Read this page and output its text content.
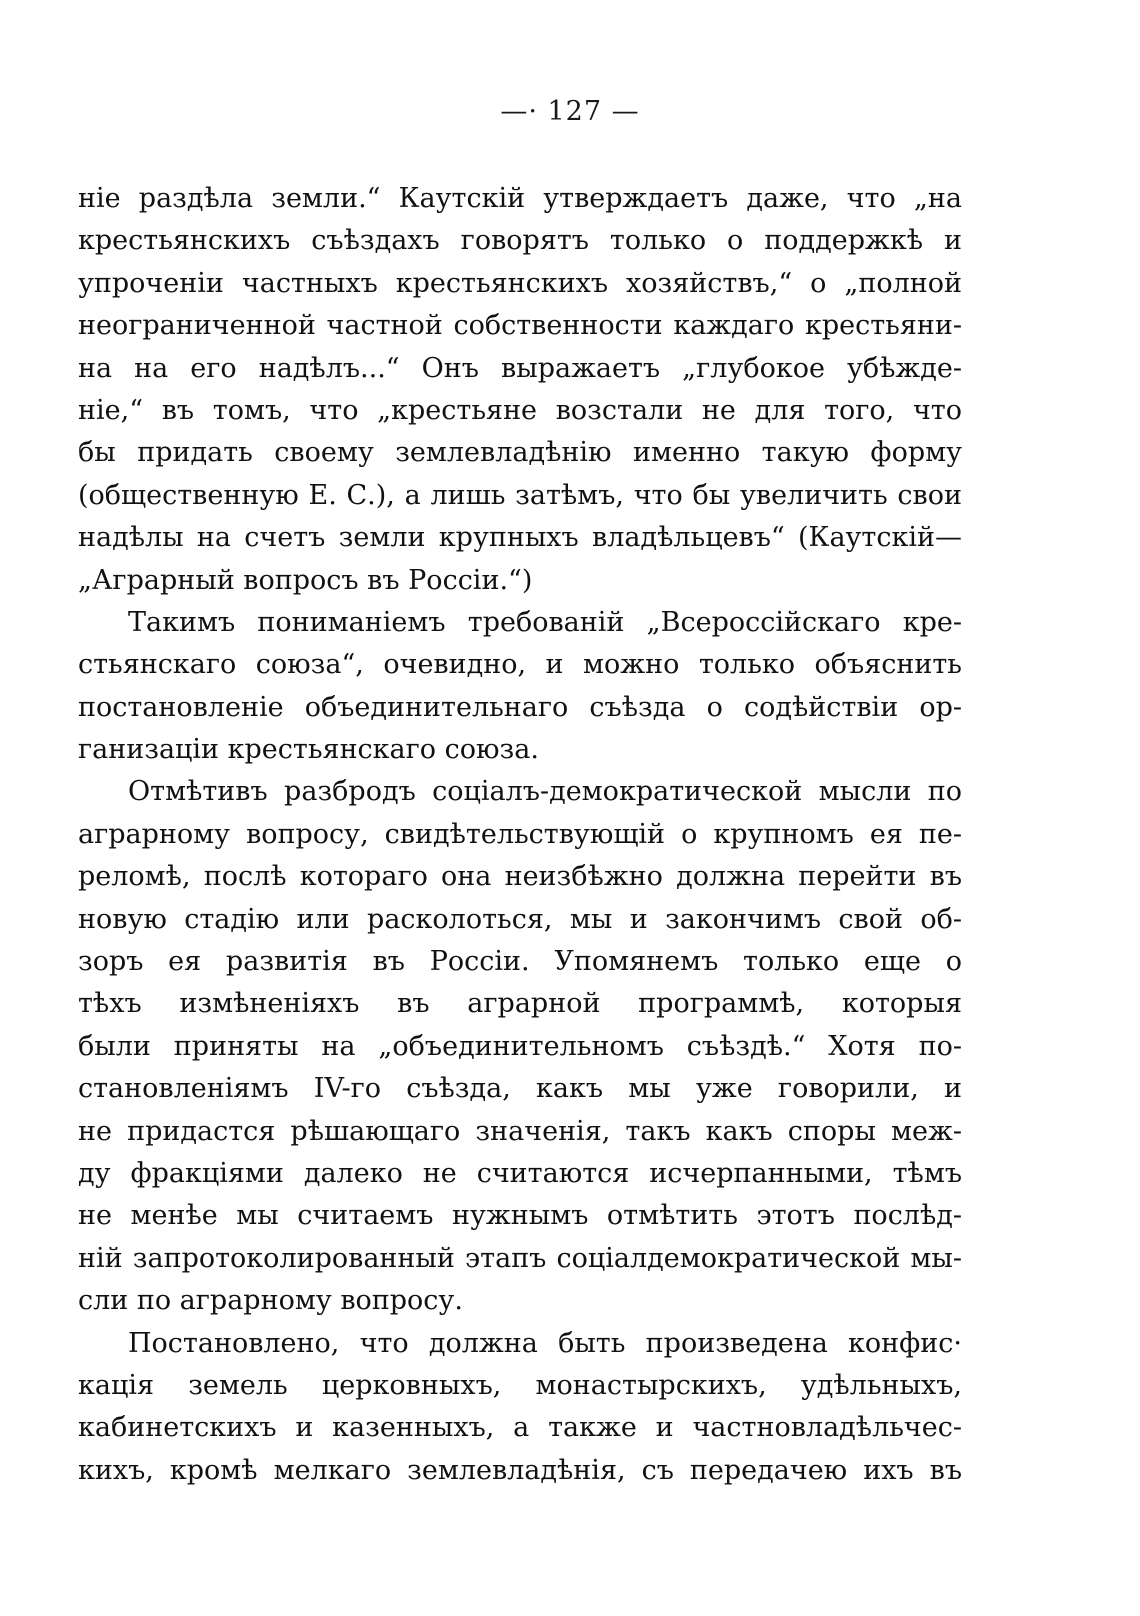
—· 127 —
ніе раздѣла земли.“ Каутскій утверждаетъ даже, что „на
крестьянскихъ съѣздахъ говорятъ только о поддержкѣ и
упроченіи частныхъ крестьянскихъ хозяйствъ,“ о „полной
неограниченной частной собственности каждаго крестьяни-
на на его надѣлъ...“ Онъ выражаетъ „глубокое убѣжде-
ніе,“ въ томъ, что „крестьяне возстали не для того, что
бы придать своему землевладѣнію именно такую форму
(общественную E. С.), а лишь затѣмъ, что бы увеличить свои
надѣлы на счетъ земли крупныхъ владѣльцевъ“ (Каутскій—
„Аграрный вопросъ въ Россіи.“)
Такимъ пониманіемъ требованій „Всероссійскаго кре-
стьянскаго союза“, очевидно, и можно только объяснить
постановленіе объединительнаго съѣзда о содѣйствіи ор-
ганизаціи крестьянскаго союза.
Отмѣтивъ разбродъ соціалъ-демократической мысли по
аграрному вопросу, свидѣтельствующій о крупномъ ея пе-
реломѣ, послѣ котораго она неизбѣжно должна перейти въ
новую стадію или расколоться, мы и закончимъ свой об-
зоръ ея развитія въ Россіи. Упомянемъ только еще о
тѣхъ измѣненіяхъ въ аграрной программѣ, которыя
были приняты на „объединительномъ съѣздѣ.“ Хотя по-
становленіямъ IV-го съѣзда, какъ мы уже говорили, и
не придастся рѣшающаго значенія, такъ какъ споры меж-
ду фракціями далеко не считаются исчерпанными, тѣмъ
не менѣе мы считаемъ нужнымъ отмѣтить этотъ послѣд-
ній запротоколированный этапъ соціалдемократической мы-
сли по аграрному вопросу.
Постановлено, что должна быть произведена конфис·
кація земель церковныхъ, монастырскихъ, удѣльныхъ,
кабинетскихъ и казенныхъ, а также и частновладѣльчес-
кихъ, кромѣ мелкаго землевладѣнія, съ передачею ихъ въ
